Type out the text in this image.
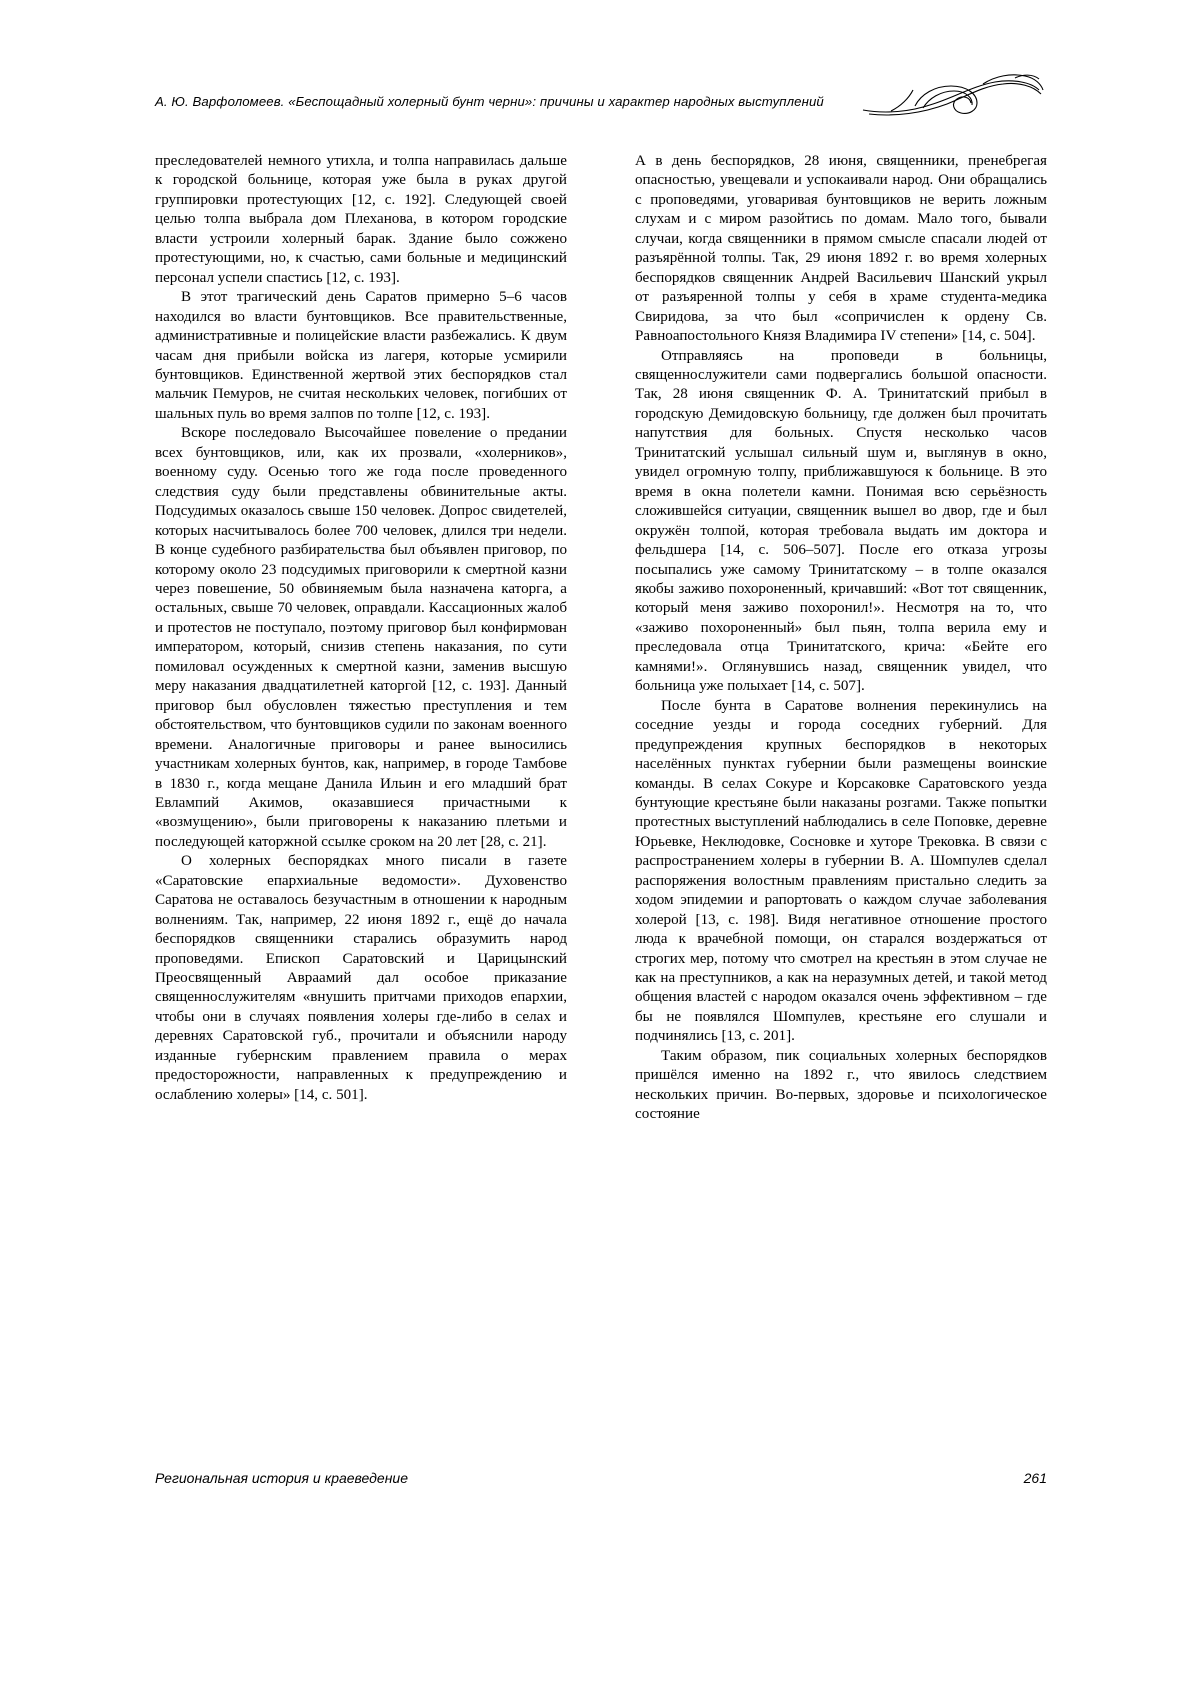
А. Ю. Варфоломеев. «Беспощадный холерный бунт черни»: причины и характер народных выступлений

преследователей немного утихла, и толпа направилась дальше к городской больнице, которая уже была в руках другой группировки протестующих [12, с. 192]. Следующей своей целью толпа выбрала дом Плеханова, в котором городские власти устроили холерный барак. Здание было сожжено протестующими, но, к счастью, сами больные и медицинский персонал успели спастись [12, с. 193].

В этот трагический день Саратов примерно 5–6 часов находился во власти бунтовщиков. Все правительственные, административные и полицейские власти разбежались. К двум часам дня прибыли войска из лагеря, которые усмирили бунтовщиков. Единственной жертвой этих беспорядков стал мальчик Пемуров, не считая нескольких человек, погибших от шальных пуль во время залпов по толпе [12, с. 193].

Вскоре последовало Высочайшее повеление о предании всех бунтовщиков, или, как их прозвали, «холерников», военному суду. Осенью того же года после проведенного следствия суду были представлены обвинительные акты. Подсудимых оказалось свыше 150 человек. Допрос свидетелей, которых насчитывалось более 700 человек, длился три недели. В конце судебного разбирательства был объявлен приговор, по которому около 23 подсудимых приговорили к смертной казни через повешение, 50 обвиняемым была назначена каторга, а остальных, свыше 70 человек, оправдали. Кассационных жалоб и протестов не поступало, поэтому приговор был конфирмован императором, который, снизив степень наказания, по сути помиловал осужденных к смертной казни, заменив высшую меру наказания двадцатилетней каторгой [12, с. 193]. Данный приговор был обусловлен тяжестью преступления и тем обстоятельством, что бунтовщиков судили по законам военного времени. Аналогичные приговоры и ранее выносились участникам холерных бунтов, как, например, в городе Тамбове в 1830 г., когда мещане Данила Ильин и его младший брат Евлампий Акимов, оказавшиеся причастными к «возмущению», были приговорены к наказанию плетьми и последующей каторжной ссылке сроком на 20 лет [28, с. 21].

О холерных беспорядках много писали в газете «Саратовские епархиальные ведомости». Духовенство Саратова не оставалось безучастным в отношении к народным волнениям. Так, например, 22 июня 1892 г., ещё до начала беспорядков священники старались образумить народ проповедями. Епископ Саратовский и Царицынский Преосвященный Авраамий дал особое приказание священнослужителям «внушить притчами приходов епархии, чтобы они в случаях появления холеры где-либо в селах и деревнях Саратовской губ., прочитали и объяснили народу изданные губернским правлением правила о мерах предосторожности, направленных к предупреждению и ослаблению холеры» [14, с. 501].

А в день беспорядков, 28 июня, священники, пренебрегая опасностью, увещевали и успокаивали народ. Они обращались с проповедями, уговаривая бунтовщиков не верить ложным слухам и с миром разойтись по домам. Мало того, бывали случаи, когда священники в прямом смысле спасали людей от разъярённой толпы. Так, 29 июня 1892 г. во время холерных беспорядков священник Андрей Васильевич Шанский укрыл от разъяренной толпы у себя в храме студента-медика Свиридова, за что был «сопричислен к ордену Св. Равноапостольного Князя Владимира IV степени» [14, с. 504].

Отправляясь на проповеди в больницы, священнослужители сами подвергались большой опасности. Так, 28 июня священник Ф. А. Тринитатский прибыл в городскую Демидовскую больницу, где должен был прочитать напутствия для больных. Спустя несколько часов Тринитатский услышал сильный шум и, выглянув в окно, увидел огромную толпу, приближавшуюся к больнице. В это время в окна полетели камни. Понимая всю серьёзность сложившейся ситуации, священник вышел во двор, где и был окружён толпой, которая требовала выдать им доктора и фельдшера [14, с. 506–507]. После его отказа угрозы посыпались уже самому Тринитатскому – в толпе оказался якобы заживо похороненный, кричавший: «Вот тот священник, который меня заживо похоронил!». Несмотря на то, что «заживо похороненный» был пьян, толпа верила ему и преследовала отца Тринитатского, крича: «Бейте его камнями!». Оглянувшись назад, священник увидел, что больница уже полыхает [14, с. 507].

После бунта в Саратове волнения перекинулись на соседние уезды и города соседних губерний. Для предупреждения крупных беспорядков в некоторых населённых пунктах губернии были размещены воинские команды. В селах Сокуре и Корсаковке Саратовского уезда бунтующие крестьяне были наказаны розгами. Также попытки протестных выступлений наблюдались в селе Поповке, деревне Юрьевке, Неклюдовке, Сосновке и хуторе Трековка. В связи с распространением холеры в губернии В. А. Шомпулев сделал распоряжения волостным правлениям пристально следить за ходом эпидемии и рапортовать о каждом случае заболевания холерой [13, с. 198]. Видя негативное отношение простого люда к врачебной помощи, он старался воздержаться от строгих мер, потому что смотрел на крестьян в этом случае не как на преступников, а как на неразумных детей, и такой метод общения властей с народом оказался очень эффективном – где бы не появлялся Шомпулев, крестьяне его слушали и подчинялись [13, с. 201].

Таким образом, пик социальных холерных беспорядков пришёлся именно на 1892 г., что явилось следствием нескольких причин. Во-первых, здоровье и психологическое состояние

Региональная история и краеведение	261
